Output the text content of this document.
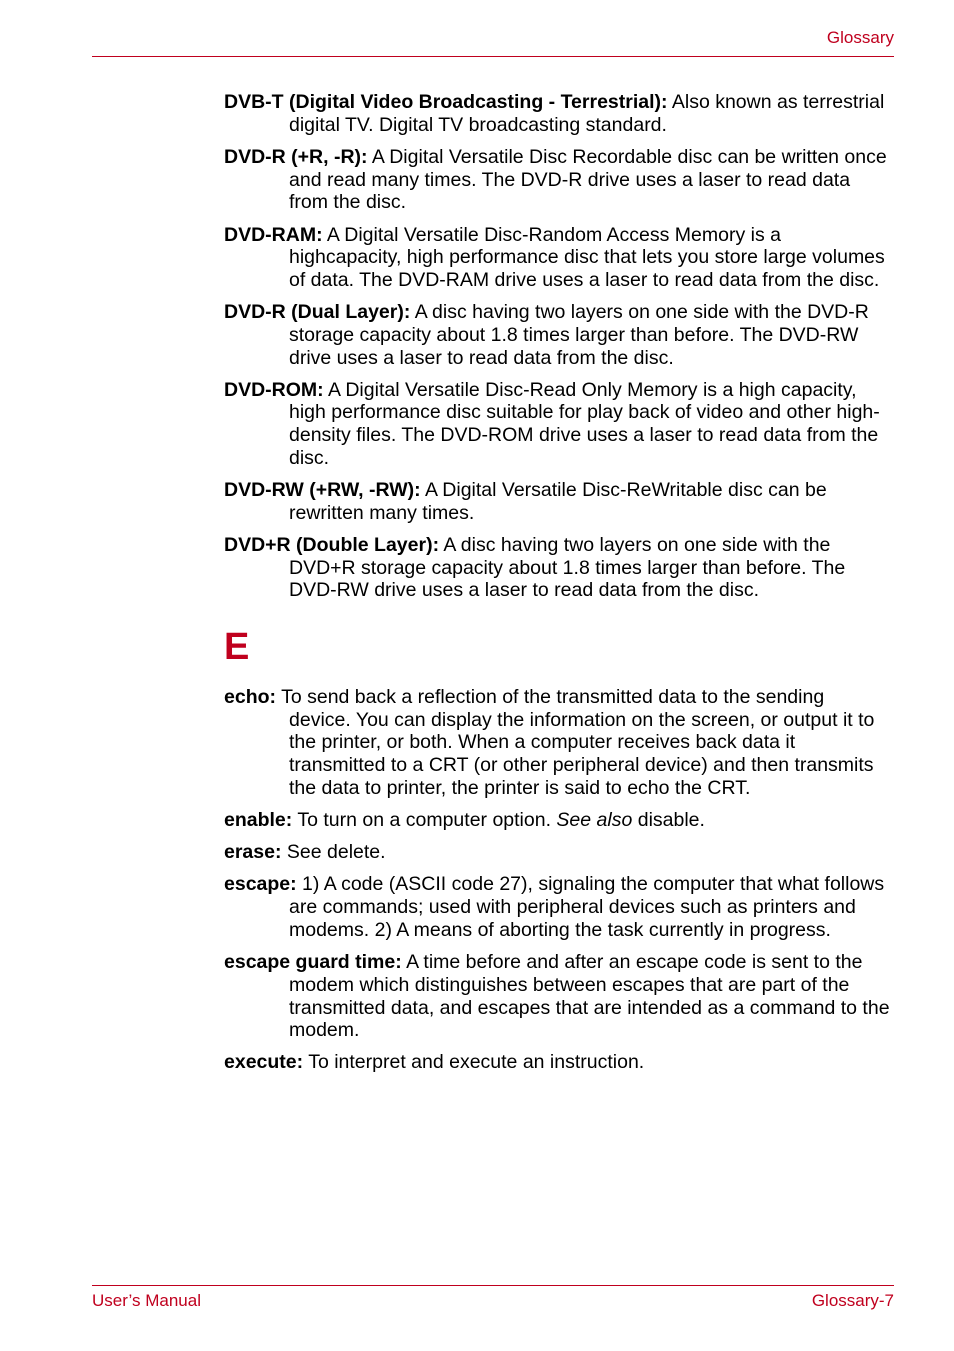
Glossary

DVB-T (Digital Video Broadcasting - Terrestrial): Also known as terrestrial digital TV. Digital TV broadcasting standard.

DVD-R (+R, -R): A Digital Versatile Disc Recordable disc can be written once and read many times. The DVD-R drive uses a laser to read data from the disc.

DVD-RAM: A Digital Versatile Disc-Random Access Memory is a highcapacity, high performance disc that lets you store large volumes of data. The DVD-RAM drive uses a laser to read data from the disc.

DVD-R (Dual Layer): A disc having two layers on one side with the DVD-R storage capacity about 1.8 times larger than before. The DVD-RW drive uses a laser to read data from the disc.

DVD-ROM: A Digital Versatile Disc-Read Only Memory is a high capacity, high performance disc suitable for play back of video and other high-density files. The DVD-ROM drive uses a laser to read data from the disc.

DVD-RW (+RW, -RW): A Digital Versatile Disc-ReWritable disc can be rewritten many times.

DVD+R (Double Layer): A disc having two layers on one side with the DVD+R storage capacity about 1.8 times larger than before. The DVD-RW drive uses a laser to read data from the disc.

E

echo: To send back a reflection of the transmitted data to the sending device. You can display the information on the screen, or output it to the printer, or both. When a computer receives back data it transmitted to a CRT (or other peripheral device) and then transmits the data to printer, the printer is said to echo the CRT.

enable: To turn on a computer option. See also disable.

erase: See delete.

escape: 1) A code (ASCII code 27), signaling the computer that what follows are commands; used with peripheral devices such as printers and modems. 2) A means of aborting the task currently in progress.

escape guard time: A time before and after an escape code is sent to the modem which distinguishes between escapes that are part of the transmitted data, and escapes that are intended as a command to the modem.

execute: To interpret and execute an instruction.

User’s Manual	Glossary-7
